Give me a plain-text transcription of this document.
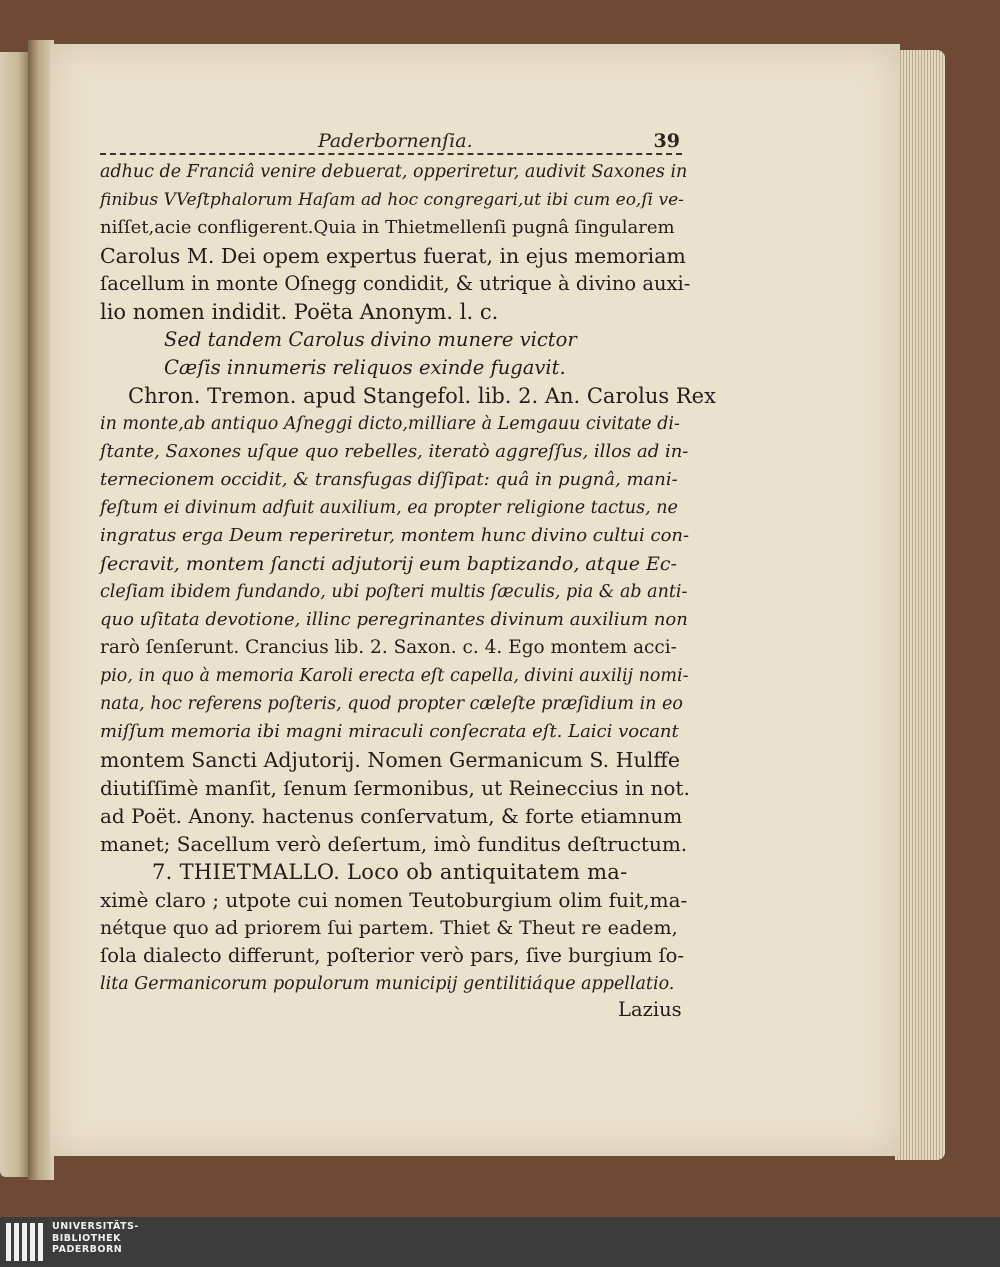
Paderbornenſia.	39
adhuc de Franciâ venire debuerat, opperiretur, audivit Saxones in
finibus VVeſtphalorum Haſam ad hoc congregari,ut ibi cum eo,ſi ve-
niſſet,acie confligerent.Quia in Thietmellenſi pugnâ ſingularem
Carolus M. Dei opem expertus fuerat, in ejus memoriam
ſacellum in monte Oſnegg condidit, & utrique à divino auxi-
lio nomen indidit. Poëta Anonym. l. c.
Sed tandem Carolus divino munere victor
Cæſis innumeris reliquos exinde fugavit.
Chron. Tremon. apud Stangefol. lib. 2. An. Carolus Rex
in monte,ab antiquo Aſneggi dicto,milliare à Lemgauu civitate di-
ſtante, Saxones uſque quo rebelles, iteratò aggreſſus, illos ad in-
ternecionem occidit, & transfugas diſſipat: quâ in pugnâ, mani-
feſtum ei divinum adfuit auxilium, ea propter religione tactus, ne
ingratus erga Deum reperiretur, montem hunc divino cultui con-
ſecravit, montem ſancti adjutorij eum baptizando, atque Ec-
cleſiam ibidem fundando, ubi poſteri multis ſæculis, pia & ab anti-
quo uſitata devotione, illinc peregrinantes divinum auxilium non
rarò ſenſerunt. Crancius lib. 2. Saxon. c. 4. Ego montem acci-
pio, in quo à memoria Karoli erecta eſt capella, divini auxilij nomi-
nata, hoc referens poſteris, quod propter cæleſte præſidium in eo
miſſum memoria ibi magni miraculi conſecrata eſt. Laici vocant
montem Sancti Adjutorij. Nomen Germanicum S. Hulffe
diutiſſimè manſit, ſenum ſermonibus, ut Reineccius in not.
ad Poët. Anony. hactenus conſervatum, & forte etiamnum
manet; Sacellum verò deſertum, imò funditus deſtructum.
7. THIETMALLO. Loco ob antiquitatem ma-
ximè claro ; utpote cui nomen Teutoburgium olim fuit,ma-
nétque quo ad priorem ſui partem. Thiet & Theut re eadem,
ſola dialecto differunt, poſterior verò pars, ſive burgium ſo-
lita Germanicorum populorum municipij gentilitiáque appellatio.
Lazius
UNIVERSITÄTS-
BIBLIOTHEK
PADERBORN
